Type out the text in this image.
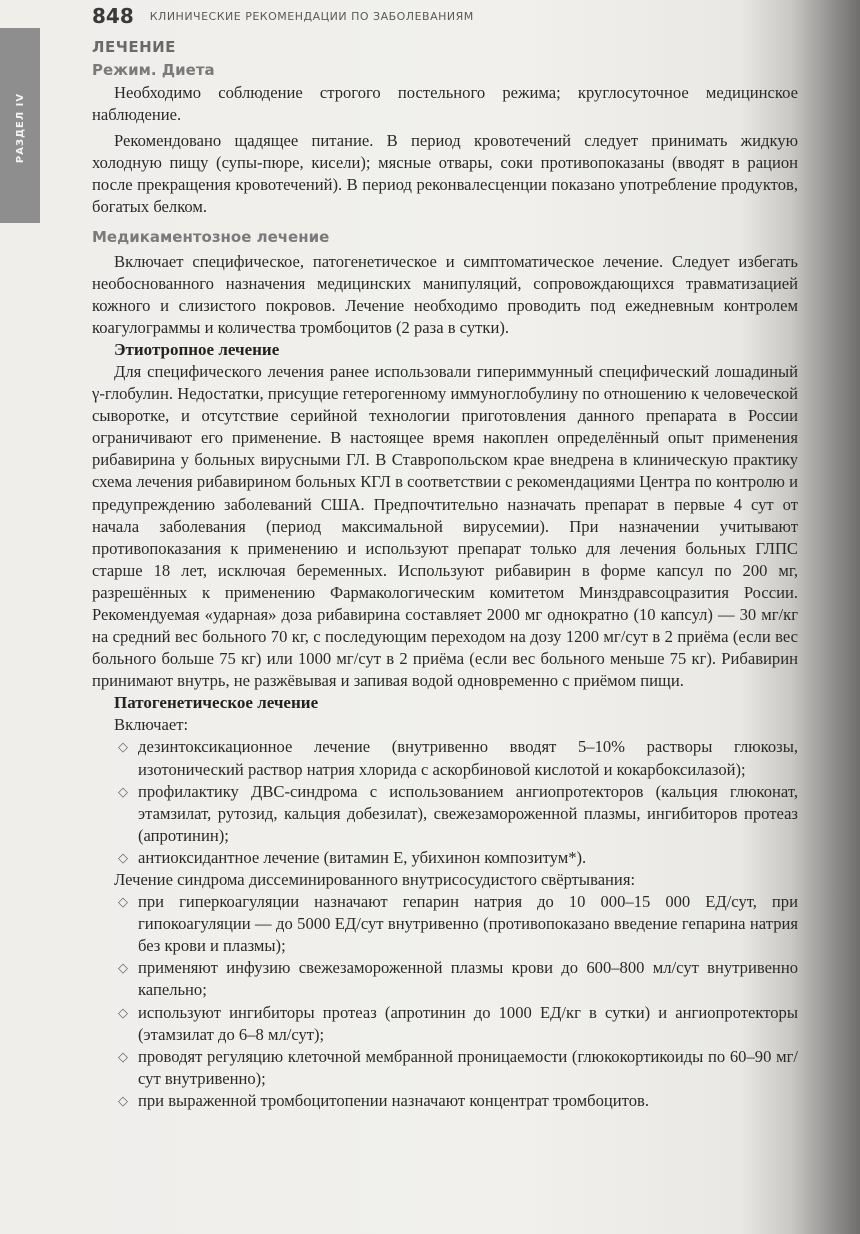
РАЗДЕЛ IV
848 КЛИНИЧЕСКИЕ РЕКОМЕНДАЦИИ ПО ЗАБОЛЕВАНИЯМ
ЛЕЧЕНИЕ
Режим. Диета

Необходимо соблюдение строгого постельного режима; круглосуточное медицинское наблюдение.

Рекомендовано щадящее питание. В период кровотечений следует принимать жидкую холодную пищу (супы-пюре, кисели); мясные отвары, соки противопоказаны (вводят в рацион после прекращения кровотечений). В период реконвалесценции показано употребление продуктов, богатых белком.

Медикаментозное лечение

Включает специфическое, патогенетическое и симптоматическое лечение. Следует избегать необоснованного назначения медицинских манипуляций, сопровождающихся травматизацией кожного и слизистого покровов. Лечение необходимо проводить под ежедневным контролем коагулограммы и количества тромбоцитов (2 раза в сутки).

Этиотропное лечение

Для специфического лечения ранее использовали гипериммунный специфический лошадиный γ-глобулин. Недостатки, присущие гетерогенному иммуноглобулину по отношению к человеческой сыворотке, и отсутствие серийной технологии приготовления данного препарата в России ограничивают его применение. В настоящее время накоплен определённый опыт применения рибавирина у больных вирусными ГЛ. В Ставропольском крае внедрена в клиническую практику схема лечения рибавирином больных КГЛ в соответствии с рекомендациями Центра по контролю и предупреждению заболеваний США. Предпочтительно назначать препарат в первые 4 сут от начала заболевания (период максимальной вирусемии). При назначении учитывают противопоказания к применению и используют препарат только для лечения больных ГЛПС старше 18 лет, исключая беременных. Используют рибавирин в форме капсул по 200 мг, разрешённых к применению Фармакологическим комитетом Минздравсоцразития России. Рекомендуемая «ударная» доза рибавирина составляет 2000 мг однократно (10 капсул) — 30 мг/кг на средний вес больного 70 кг, с последующим переходом на дозу 1200 мг/сут в 2 приёма (если вес больного больше 75 кг) или 1000 мг/сут в 2 приёма (если вес больного меньше 75 кг). Рибавирин принимают внутрь, не разжёвывая и запивая водой одновременно с приёмом пищи.

Патогенетическое лечение
Включает:
◇ дезинтоксикационное лечение (внутривенно вводят 5–10% растворы глюкозы, изотонический раствор натрия хлорида с аскорбиновой кислотой и кокарбоксилазой);
◇ профилактику ДВС-синдрома с использованием ангиопротекторов (кальция глюконат, этамзилат, рутозид, кальция добезилат), свежезамороженной плазмы, ингибиторов протеаз (апротинин);
◇ антиоксидантное лечение (витамин Е, убихинон композитум*).
Лечение синдрома диссеминированного внутрисосудистого свёртывания:
◇ при гиперкоагуляции назначают гепарин натрия до 10 000–15 000 ЕД/сут, при гипокоагуляции — до 5000 ЕД/сут внутривенно (противопоказано введение гепарина натрия без крови и плазмы);
◇ применяют инфузию свежезамороженной плазмы крови до 600–800 мл/сут внутривенно капельно;
◇ используют ингибиторы протеаз (апротинин до 1000 ЕД/кг в сутки) и ангиопротекторы (этамзилат до 6–8 мл/сут);
◇ проводят регуляцию клеточной мембранной проницаемости (глюкокортикоиды по 60–90 мг/сут внутривенно);
◇ при выраженной тромбоцитопении назначают концентрат тромбоцитов.
